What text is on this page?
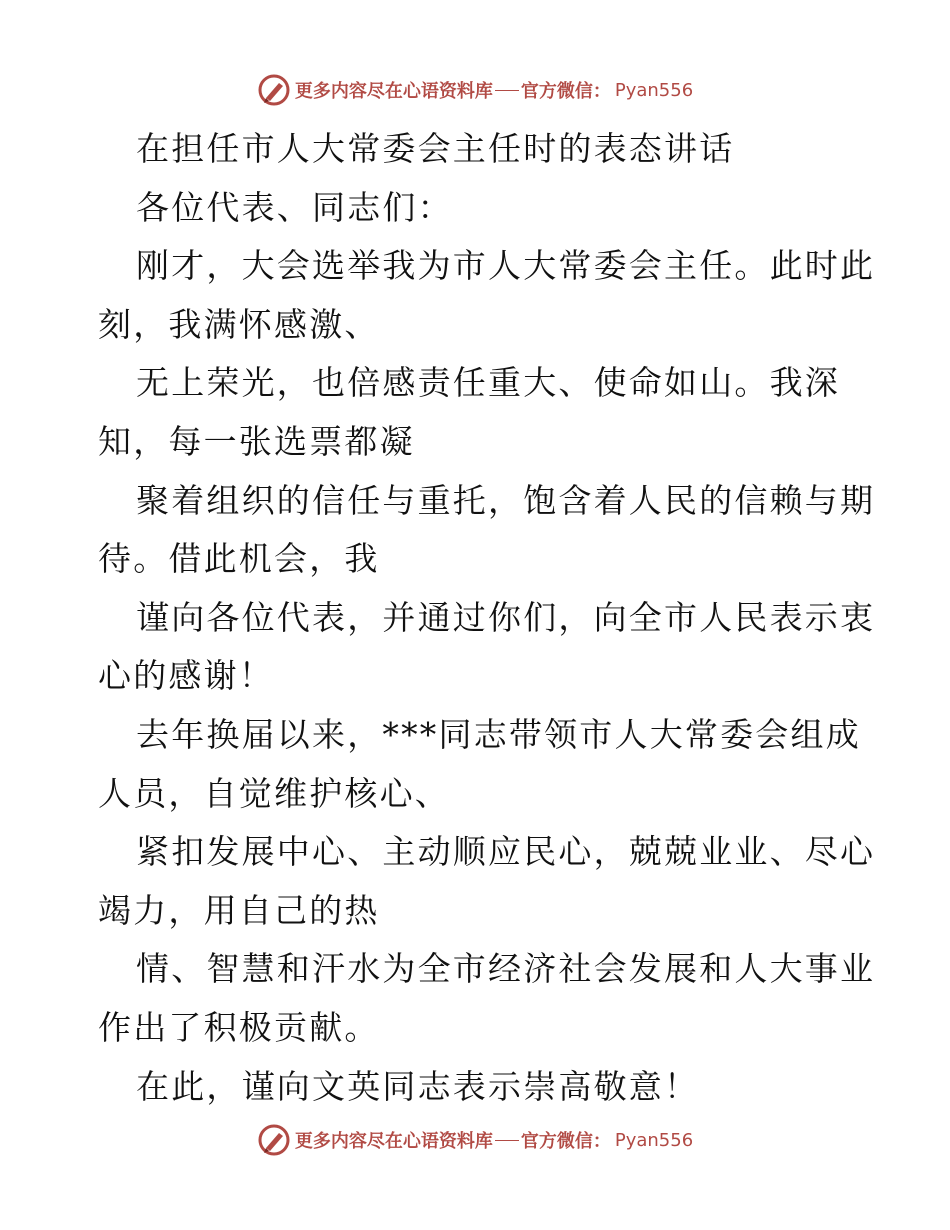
更多内容尽在心语资料库 官方微信： Pyan556
在担任市人大常委会主任时的表态讲话
各位代表、同志们：
刚才，大会选举我为市人大常委会主任。此时此
刻，我满怀感激、
无上荣光，也倍感责任重大、使命如山。我深
知，每一张选票都凝
聚着组织的信任与重托，饱含着人民的信赖与期
待。借此机会，我
谨向各位代表，并通过你们，向全市人民表示衷
心的感谢！
去年换届以来，***同志带领市人大常委会组成
人员，自觉维护核心、
紧扣发展中心、主动顺应民心，兢兢业业、尽心
竭力，用自己的热
情、智慧和汗水为全市经济社会发展和人大事业
作出了积极贡献。
在此，谨向文英同志表示崇高敬意！
更多内容尽在心语资料库 官方微信： Pyan556
